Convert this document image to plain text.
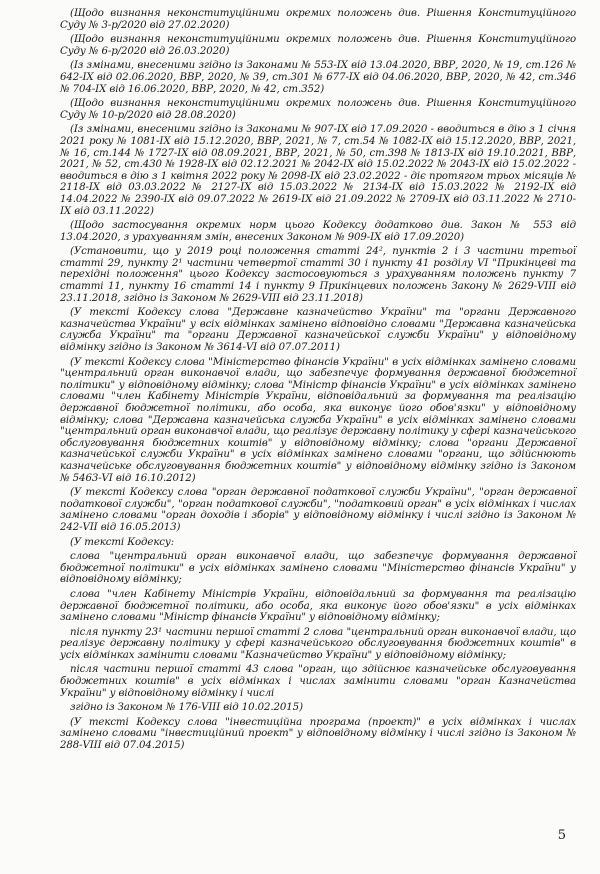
(Щодо визнання неконституційними окремих положень див. Рішення Конституційного Суду № 3-р/2020 від 27.02.2020)

(Щодо визнання неконституційними окремих положень див. Рішення Конституційного Суду № 6-р/2020 від 26.03.2020)

(Із змінами, внесеними згідно із Законами № 553-IX від 13.04.2020, ВВР, 2020, № 19, ст.126 № 642-IX від 02.06.2020, ВВР, 2020, № 39, ст.301 № 677-IX від 04.06.2020, ВВР, 2020, № 42, ст.346 № 704-IX від 16.06.2020, ВВР, 2020, № 42, ст.352)

(Щодо визнання неконституційними окремих положень див. Рішення Конституційного Суду № 10-р/2020 від 28.08.2020)

(Із змінами, внесеними згідно із Законами № 907-IX від 17.09.2020 - вводиться в дію з 1 січня 2021 року № 1081-IX від 15.12.2020, ВВР, 2021, № 7, ст.54 № 1082-IX від 15.12.2020, ВВР, 2021, № 16, ст.144 № 1727-IX від 08.09.2021, ВВР, 2021, № 50, ст.398 № 1813-IX від 19.10.2021, ВВР, 2021, № 52, ст.430 № 1928-IX від 02.12.2021 № 2042-IX від 15.02.2022 № 2043-IX від 15.02.2022 - вводиться в дію з 1 квітня 2022 року № 2098-IX від 23.02.2022 - діє протягом трьох місяців № 2118-IX від 03.03.2022 № 2127-IX від 15.03.2022 № 2134-IX від 15.03.2022 № 2192-IX від 14.04.2022 № 2390-IX від 09.07.2022 № 2619-IX від 21.09.2022 № 2709-IX від 03.11.2022 № 2710-IX від 03.11.2022)

(Щодо застосування окремих норм цього Кодексу додатково див. Закон № 553 від 13.04.2020, з урахуванням змін, внесених Законом № 909-IX від 17.09.2020)

(Установити, що у 2019 році положення статті 24², пунктів 2 і 3 частини третьої статті 29, пункту 2¹ частини четвертої статті 30 і пункту 41 розділу VI "Прикінцеві та перехідні положення" цього Кодексу застосовуються з урахуванням положень пункту 7 статті 11, пункту 16 статті 14 і пункту 9 Прикінцевих положень Закону № 2629-VIII від 23.11.2018, згідно із Законом № 2629-VIII від 23.11.2018)

(У тексті Кодексу слова "Державне казначейство України" та "органи Державного казначейства України" у всіх відмінках замінено відповідно словами "Державна казначейська служба України" та "органи Державної казначейської служби України" у відповідному відмінку згідно із Законом № 3614-VI від 07.07.2011)

(У тексті Кодексу слова "Міністерство фінансів України" в усіх відмінках замінено словами "центральний орган виконавчої влади, що забезпечує формування державної бюджетної політики" у відповідному відмінку; слова "Міністр фінансів України" в усіх відмінках замінено словами "член Кабінету Міністрів України, відповідальний за формування та реалізацію державної бюджетної політики, або особа, яка виконує його обов'язки" у відповідному відмінку; слова "Державна казначейська служба України" в усіх відмінках замінено словами "центральний орган виконавчої влади, що реалізує державну політику у сфері казначейського обслуговування бюджетних коштів" у відповідному відмінку; слова "органи Державної казначейської служби України" в усіх відмінках замінено словами "органи, що здійснюють казначейське обслуговування бюджетних коштів" у відповідному відмінку згідно із Законом № 5463-VI від 16.10.2012)

(У тексті Кодексу слова "орган державної податкової служби України", "орган державної податкової служби", "орган податкової служби", "податковий орган" в усіх відмінках і числах замінено словами "орган доходів і зборів" у відповідному відмінку і числі згідно із Законом № 242-VII від 16.05.2013)

(У тексті Кодексу:

слова "центральний орган виконавчої влади, що забезпечує формування державної бюджетної політики" в усіх відмінках замінено словами "Міністерство фінансів України" у відповідному відмінку;

слова "член Кабінету Міністрів України, відповідальний за формування та реалізацію державної бюджетної політики, або особа, яка виконує його обов'язки" в усіх відмінках замінено словами "Міністр фінансів України" у відповідному відмінку;

після пункту 23¹ частини першої статті 2 слова "центральний орган виконавчої влади, що реалізує державну політику у сфері казначейського обслуговування бюджетних коштів" в усіх відмінках замінити словами "Казначейство України" у відповідному відмінку;

після частини першої статті 43 слова "орган, що здійснює казначейське обслуговування бюджетних коштів" в усіх відмінках і числах замінити словами "орган Казначейства України" у відповідному відмінку і числі

згідно із Законом № 176-VIII від 10.02.2015)

(У тексті Кодексу слова "інвестиційна програма (проект)" в усіх відмінках і числах замінено словами "інвестиційний проект" у відповідному відмінку і числі згідно із Законом № 288-VIII від 07.04.2015)

5
